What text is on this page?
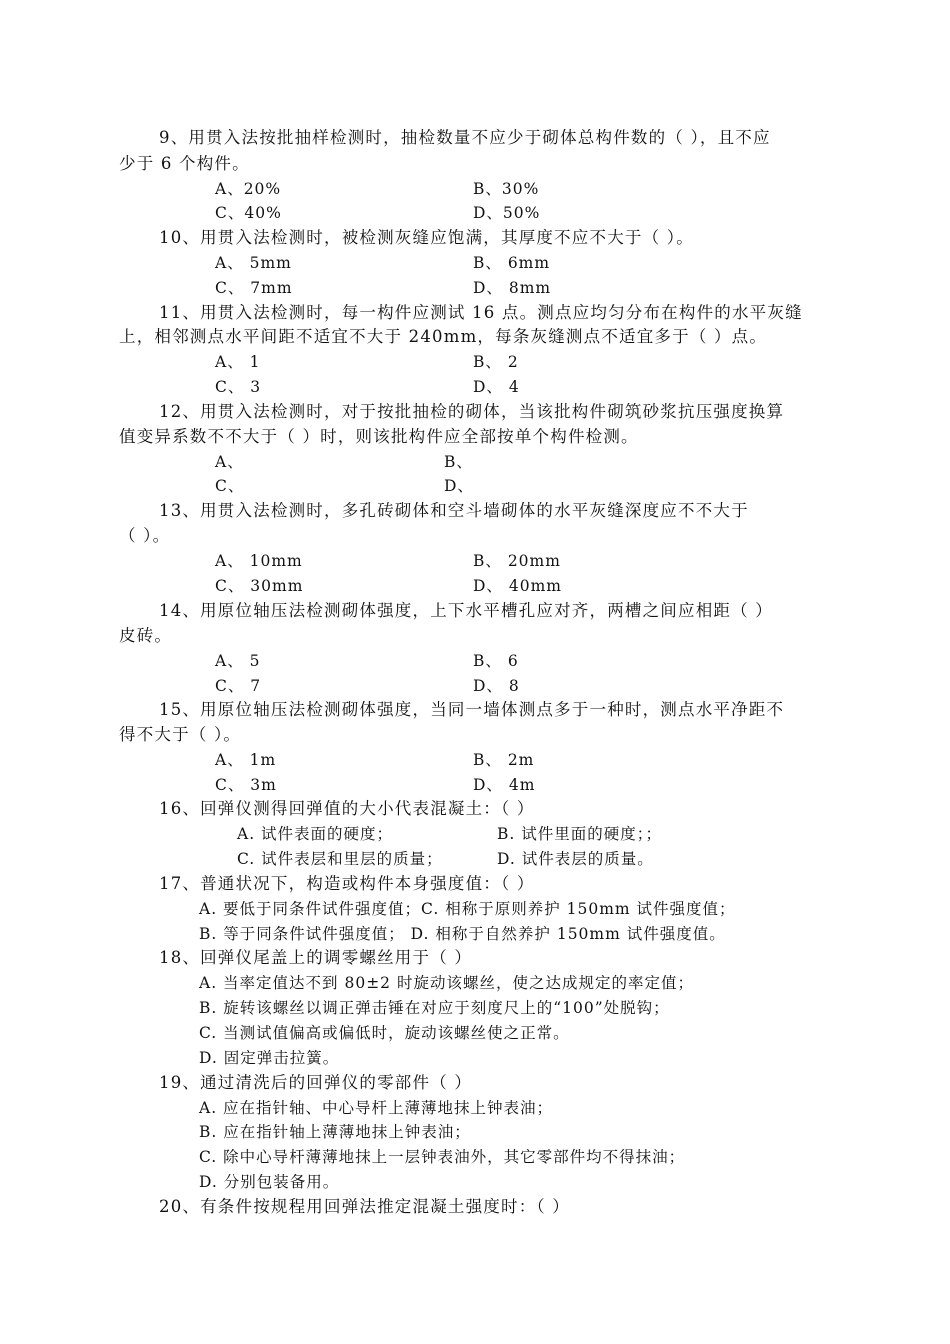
9、用贯入法按批抽样检测时，抽检数量不应少于砌体总构件数的（ ），且不应
少于 6 个构件。
A、20%	B、30%
C、40%	D、50%
10、用贯入法检测时，被检测灰缝应饱满，其厚度不应不大于（ ）。
A、 5mm	B、 6mm
C、 7mm	D、 8mm
11、用贯入法检测时，每一构件应测试 16 点。测点应均匀分布在构件的水平灰缝
上，相邻测点水平间距不适宜不大于 240mm，每条灰缝测点不适宜多于（ ）点。
A、 1	B、 2
C、 3	D、 4
12、用贯入法检测时，对于按批抽检的砌体，当该批构件砌筑砂浆抗压强度换算
值变异系数不不大于（ ）时，则该批构件应全部按单个构件检测。
A、	B、
C、	D、
13、用贯入法检测时，多孔砖砌体和空斗墙砌体的水平灰缝深度应不不大于
（ ）。
A、 10mm	B、 20mm
C、 30mm	D、 40mm
14、用原位轴压法检测砌体强度，上下水平槽孔应对齐，两槽之间应相距（ ）
皮砖。
A、 5	B、 6
C、 7	D、 8
15、用原位轴压法检测砌体强度，当同一墙体测点多于一种时，测点水平净距不
得不大于（ ）。
A、 1m	B、 2m
C、 3m	D、 4m
16、回弹仪测得回弹值的大小代表混凝土：（ ）
A. 试件表面的硬度；	B. 试件里面的硬度；；
C. 试件表层和里层的质量；	D. 试件表层的质量。
17、普通状况下，构造或构件本身强度值：（ ）
A. 要低于同条件试件强度值；C. 相称于原则养护 150mm 试件强度值；
B. 等于同条件试件强度值； D. 相称于自然养护 150mm 试件强度值。
18、回弹仪尾盖上的调零螺丝用于（ ）
A. 当率定值达不到 80±2 时旋动该螺丝，使之达成规定的率定值；
B. 旋转该螺丝以调正弹击锤在对应于刻度尺上的“100”处脱钩；
C. 当测试值偏高或偏低时，旋动该螺丝使之正常。
D. 固定弹击拉簧。
19、通过清洗后的回弹仪的零部件（ ）
A. 应在指针轴、中心导杆上薄薄地抹上钟表油；
B. 应在指针轴上薄薄地抹上钟表油；
C. 除中心导杆薄薄地抹上一层钟表油外，其它零部件均不得抹油；
D. 分别包装备用。
20、有条件按规程用回弹法推定混凝土强度时：（ ）
